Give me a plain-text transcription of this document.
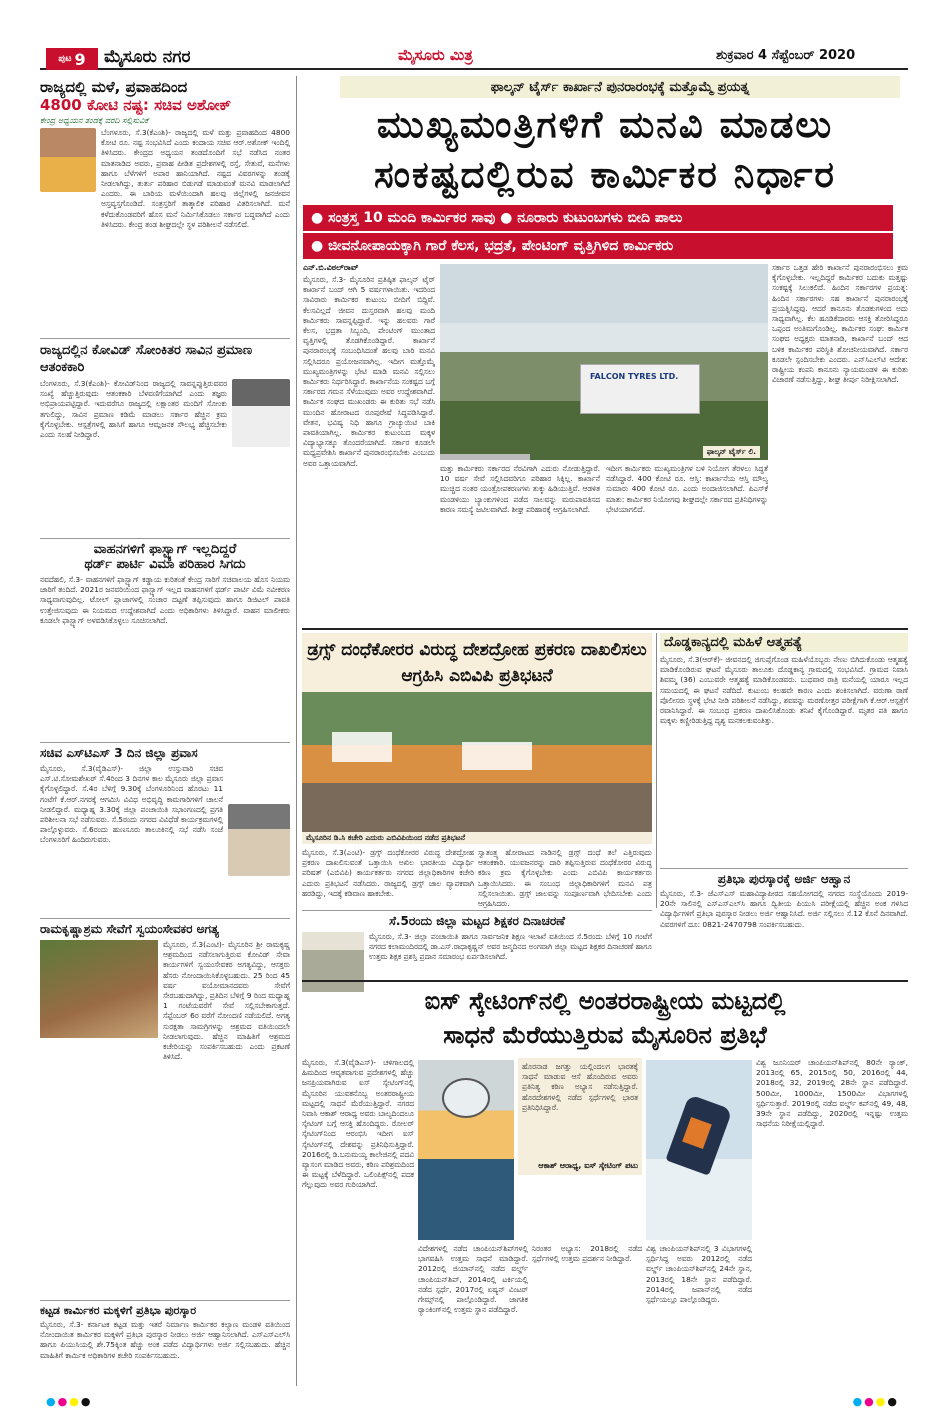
ಪುಟ 9 ಮೈಸೂರು ನಗರ	ಮೈಸೂರು ಮಿತ್ರ	ಶುಕ್ರವಾರ 4 ಸೆಪ್ಟೆಂಬರ್ 2020
ರಾಜ್ಯದಲ್ಲಿ ಮಳೆ, ಪ್ರವಾಹದಿಂದ
4800 ಕೋಟಿ ನಷ್ಟ: ಸಚಿವ ಅಶೋಕ್
ಕೇಂದ್ರ ಅಧ್ಯಯನ ತಂಡಕ್ಕೆ ವರದಿ ಸಲ್ಲಿಸುವಿಕೆ
ಬೆಂಗಳೂರು, ಸೆ.3(ಕೆಎಂಶಿ)- ರಾಜ್ಯದಲ್ಲಿ ಮಳೆ ಮತ್ತು ಪ್ರವಾಹದಿಂದ 4800 ಕೋಟಿ ರೂ. ನಷ್ಟ ಸಂಭವಿಸಿದೆ ಎಂದು ಕಂದಾಯ ಸಚಿವ ಆರ್.ಅಶೋಕ್ ಇಂದಿಲ್ಲಿ ತಿಳಿಸಿದರು. ಕೇಂದ್ರದ ಅಧ್ಯಯನ ತಂಡದೊಂದಿಗೆ ಸಭೆ ನಡೆಸಿದ ನಂತರ ಮಾತನಾಡಿದ ಅವರು, ಪ್ರವಾಹ ಪೀಡಿತ ಪ್ರದೇಶಗಳಲ್ಲಿ ರಸ್ತೆ, ಸೇತುವೆ, ಮನೆಗಳು ಹಾಗೂ ಬೆಳೆಗಳಿಗೆ ಅಪಾರ ಹಾನಿಯಾಗಿದೆ. ನಷ್ಟದ ವಿವರಗಳನ್ನು ತಂಡಕ್ಕೆ ನೀಡಲಾಗಿದ್ದು, ತುರ್ತು ಪರಿಹಾರ ಬಿಡುಗಡೆ ಮಾಡುವಂತೆ ಮನವಿ ಮಾಡಲಾಗಿದೆ ಎಂದರು. ಈ ಬಾರಿಯ ಮಳೆಯಿಂದಾಗಿ ಹಲವು ಜಿಲ್ಲೆಗಳಲ್ಲಿ ಜನಜೀವನ ಅಸ್ತವ್ಯಸ್ತಗೊಂಡಿದೆ. ಸಂತ್ರಸ್ತರಿಗೆ ತಾತ್ಕಾಲಿಕ ಪರಿಹಾರ ವಿತರಿಸಲಾಗಿದೆ. ಮನೆ ಕಳೆದುಕೊಂಡವರಿಗೆ ಹೊಸ ಮನೆ ನಿರ್ಮಿಸಿಕೊಡಲು ಸರ್ಕಾರ ಬದ್ಧವಾಗಿದೆ ಎಂದು ತಿಳಿಸಿದರು. ಕೇಂದ್ರ ತಂಡ ಶೀಘ್ರದಲ್ಲೇ ಸ್ಥಳ ಪರಿಶೀಲನೆ ನಡೆಸಲಿದೆ.
ರಾಜ್ಯದಲ್ಲಿನ ಕೋವಿಡ್ ಸೋಂಕಿತರ ಸಾವಿನ ಪ್ರಮಾಣ ಆತಂಕಕಾರಿ
ಬೆಂಗಳೂರು, ಸೆ.3(ಕೆಎಂಶಿ)- ಕೋವಿಡ್‌ನಿಂದ ರಾಜ್ಯದಲ್ಲಿ ಸಾವನ್ನಪ್ಪುತ್ತಿರುವವರ ಸಂಖ್ಯೆ ಹೆಚ್ಚುತ್ತಿರುವುದು ಆತಂಕಕಾರಿ ಬೆಳವಣಿಗೆಯಾಗಿದೆ ಎಂದು ತಜ್ಞರು ಅಭಿಪ್ರಾಯಪಟ್ಟಿದ್ದಾರೆ. ಇದುವರೆಗೂ ರಾಜ್ಯದಲ್ಲಿ ಲಕ್ಷಾಂತರ ಮಂದಿಗೆ ಸೋಂಕು ತಗುಲಿದ್ದು, ಸಾವಿನ ಪ್ರಮಾಣ ಕಡಿಮೆ ಮಾಡಲು ಸರ್ಕಾರ ಹೆಚ್ಚಿನ ಕ್ರಮ ಕೈಗೊಳ್ಳಬೇಕು. ಆಸ್ಪತ್ರೆಗಳಲ್ಲಿ ಹಾಸಿಗೆ ಹಾಗೂ ಆಮ್ಲಜನಕ ಸೌಲಭ್ಯ ಹೆಚ್ಚಿಸಬೇಕು ಎಂದು ಸಲಹೆ ನೀಡಿದ್ದಾರೆ.
ವಾಹನಗಳಿಗೆ ಫಾಸ್ಟ್ಯಾಗ್ ಇಲ್ಲದಿದ್ದರೆ
ಥರ್ಡ್ ಪಾರ್ಟಿ ವಿಮಾ ಪರಿಹಾರ ಸಿಗದು
ನವದೆಹಲಿ, ಸೆ.3- ವಾಹನಗಳಿಗೆ ಫಾಸ್ಟ್ಯಾಗ್ ಕಡ್ಡಾಯ ಕುರಿತಂತೆ ಕೇಂದ್ರ ಸಾರಿಗೆ ಸಚಿವಾಲಯ ಹೊಸ ನಿಯಮ ಜಾರಿಗೆ ತಂದಿದೆ. 2021ರ ಜನವರಿಯಿಂದ ಫಾಸ್ಟ್ಯಾಗ್ ಇಲ್ಲದ ವಾಹನಗಳಿಗೆ ಥರ್ಡ್ ಪಾರ್ಟಿ ವಿಮೆ ನವೀಕರಣ ಸಾಧ್ಯವಾಗುವುದಿಲ್ಲ. ಟೋಲ್ ಪ್ಲಾಜಾಗಳಲ್ಲಿ ಸಂಚಾರ ದಟ್ಟಣೆ ತಪ್ಪಿಸುವುದು ಹಾಗೂ ಡಿಜಿಟಲ್ ಪಾವತಿ ಉತ್ತೇಜಿಸುವುದು ಈ ನಿಯಮದ ಉದ್ದೇಶವಾಗಿದೆ ಎಂದು ಅಧಿಕಾರಿಗಳು ತಿಳಿಸಿದ್ದಾರೆ. ವಾಹನ ಮಾಲೀಕರು ಕೂಡಲೇ ಫಾಸ್ಟ್ಯಾಗ್ ಅಳವಡಿಸಿಕೊಳ್ಳಲು ಸೂಚಿಸಲಾಗಿದೆ.
ಸಚಿವ ಎಸ್‌ಟಿಎಸ್ 3 ದಿನ ಜಿಲ್ಲಾ ಪ್ರವಾಸ
ಮೈಸೂರು, ಸೆ.3(ವೈಡಿಎಸ್)- ಜಿಲ್ಲಾ ಉಸ್ತುವಾರಿ ಸಚಿವ ಎಸ್.ಟಿ.ಸೋಮಶೇಖರ್ ಸೆ.4ರಿಂದ 3 ದಿನಗಳ ಕಾಲ ಮೈಸೂರು ಜಿಲ್ಲಾ ಪ್ರವಾಸ ಕೈಗೊಳ್ಳಲಿದ್ದಾರೆ. ಸೆ.4ರ ಬೆಳಿಗ್ಗೆ 9.30ಕ್ಕೆ ಬೆಂಗಳೂರಿನಿಂದ ಹೊರಟು 11 ಗಂಟೆಗೆ ಕೆ.ಆರ್.ನಗರಕ್ಕೆ ಆಗಮಿಸಿ ವಿವಿಧ ಅಭಿವೃದ್ಧಿ ಕಾಮಗಾರಿಗಳಿಗೆ ಚಾಲನೆ ನೀಡಲಿದ್ದಾರೆ. ಮಧ್ಯಾಹ್ನ 3.30ಕ್ಕೆ ಜಿಲ್ಲಾ ಪಂಚಾಯಿತಿ ಸಭಾಂಗಣದಲ್ಲಿ ಪ್ರಗತಿ ಪರಿಶೀಲನಾ ಸಭೆ ನಡೆಸುವರು. ಸೆ.5ರಂದು ನಗರದ ವಿವಿಧೆಡೆ ಕಾರ್ಯಕ್ರಮಗಳಲ್ಲಿ ಪಾಲ್ಗೊಳ್ಳುವರು. ಸೆ.6ರಂದು ಹುಣಸೂರು ತಾಲೂಕಿನಲ್ಲಿ ಸಭೆ ನಡೆಸಿ ಸಂಜೆ ಬೆಂಗಳೂರಿಗೆ ಹಿಂದಿರುಗುವರು.
ರಾಮಕೃಷ್ಣಾಶ್ರಮ ಸೇವೆಗೆ ಸ್ವಯಂಸೇವಕರ ಅಗತ್ಯ
ಮೈಸೂರು, ಸೆ.3(ಎಂಟಿ)- ಮೈಸೂರಿನ ಶ್ರೀ ರಾಮಕೃಷ್ಣ ಆಶ್ರಮದಿಂದ ನಡೆಸಲಾಗುತ್ತಿರುವ ಕೋವಿಡ್ ಸೇವಾ ಕಾರ್ಯಗಳಿಗೆ ಸ್ವಯಂಸೇವಕರ ಅಗತ್ಯವಿದ್ದು, ಆಸಕ್ತರು ಹೆಸರು ನೋಂದಾಯಿಸಿಕೊಳ್ಳಬಹುದು. 25 ರಿಂದ 45 ವರ್ಷ ವಯೋಮಾನದವರು ಸೇವೆಗೆ ಸೇರಬಹುದಾಗಿದ್ದು, ಪ್ರತಿದಿನ ಬೆಳಿಗ್ಗೆ 9 ರಿಂದ ಮಧ್ಯಾಹ್ನ 1 ಗಂಟೆಯವರೆಗೆ ಸೇವೆ ಸಲ್ಲಿಸಬೇಕಾಗುತ್ತದೆ. ಸೆಪ್ಟೆಂಬರ್ 6ರ ವರೆಗೆ ನೋಂದಣಿ ನಡೆಯಲಿದೆ. ಅಗತ್ಯ ಸುರಕ್ಷತಾ ಸಾಮಗ್ರಿಗಳನ್ನು ಆಶ್ರಮದ ವತಿಯಿಂದಲೇ ನೀಡಲಾಗುವುದು. ಹೆಚ್ಚಿನ ಮಾಹಿತಿಗೆ ಆಶ್ರಮದ ಕಚೇರಿಯನ್ನು ಸಂಪರ್ಕಿಸಬಹುದು ಎಂದು ಪ್ರಕಟಣೆ ತಿಳಿಸಿದೆ.
ಕಟ್ಟಡ ಕಾರ್ಮಿಕರ ಮಕ್ಕಳಿಗೆ ಪ್ರತಿಭಾ ಪುರಸ್ಕಾರ
ಮೈಸೂರು, ಸೆ.3- ಕರ್ನಾಟಕ ಕಟ್ಟಡ ಮತ್ತು ಇತರೆ ನಿರ್ಮಾಣ ಕಾರ್ಮಿಕರ ಕಲ್ಯಾಣ ಮಂಡಳಿ ವತಿಯಿಂದ ನೋಂದಾಯಿತ ಕಾರ್ಮಿಕರ ಮಕ್ಕಳಿಗೆ ಪ್ರತಿಭಾ ಪುರಸ್ಕಾರ ನೀಡಲು ಅರ್ಜಿ ಆಹ್ವಾನಿಸಲಾಗಿದೆ. ಎಸ್‌ಎಸ್‌ಎಲ್‌ಸಿ ಹಾಗೂ ಪಿಯುಸಿಯಲ್ಲಿ ಶೇ.75ಕ್ಕಿಂತ ಹೆಚ್ಚು ಅಂಕ ಪಡೆದ ವಿದ್ಯಾರ್ಥಿಗಳು ಅರ್ಜಿ ಸಲ್ಲಿಸಬಹುದು. ಹೆಚ್ಚಿನ ಮಾಹಿತಿಗೆ ಕಾರ್ಮಿಕ ಅಧಿಕಾರಿಗಳ ಕಚೇರಿ ಸಂಪರ್ಕಿಸಬಹುದು.
ಫಾಲ್ಕನ್ ಟೈರ್ಸ್ ಕಾರ್ಖಾನೆ ಪುನರಾರಂಭಕ್ಕೆ ಮತ್ತೊಮ್ಮೆ ಪ್ರಯತ್ನ
ಮುಖ್ಯಮಂತ್ರಿಗಳಿಗೆ ಮನವಿ ಮಾಡಲು
ಸಂಕಷ್ಟದಲ್ಲಿರುವ ಕಾರ್ಮಿಕರ ನಿರ್ಧಾರ
● ಸಂತ್ರಸ್ತ 10 ಮಂದಿ ಕಾರ್ಮಿಕರ ಸಾವು ● ನೂರಾರು ಕುಟುಂಬಗಳು ಬೀದಿ ಪಾಲು
● ಜೀವನೋಪಾಯಕ್ಕಾಗಿ ಗಾರೆ ಕೆಲಸ, ಭದ್ರತೆ, ಪೇಂಟಿಂಗ್ ವೃತ್ತಿಗಿಳಿದ ಕಾರ್ಮಿಕರು
ಎನ್.ಬಿ.ವಿಠಲ್‌ರಾವ್
ಮೈಸೂರು, ಸೆ.3- ಮೈಸೂರಿನ ಪ್ರತಿಷ್ಠಿತ ಫಾಲ್ಕನ್ ಟೈರ್ ಕಾರ್ಖಾನೆ ಬಂದ್ ಆಗಿ 5 ವರ್ಷಗಳಾಯಿತು. ಇದರಿಂದ ಸಾವಿರಾರು ಕಾರ್ಮಿಕರ ಕುಟುಂಬ ಬೀದಿಗೆ ಬಿದ್ದಿವೆ. ಕೆಲಸವಿಲ್ಲದೆ ಜೀವನ ದುಸ್ತರವಾಗಿ ಹಲವು ಮಂದಿ ಕಾರ್ಮಿಕರು ಸಾವನ್ನಪ್ಪಿದ್ದಾರೆ. ಇನ್ನು ಹಲವರು ಗಾರೆ ಕೆಲಸ, ಭದ್ರತಾ ಸಿಬ್ಬಂದಿ, ಪೇಂಟಿಂಗ್ ಮುಂತಾದ ವೃತ್ತಿಗಳಲ್ಲಿ ತೊಡಗಿಕೊಂಡಿದ್ದಾರೆ. ಕಾರ್ಖಾನೆ ಪುನರಾರಂಭಕ್ಕೆ ಸಂಬಂಧಿಸಿದಂತೆ ಹಲವು ಬಾರಿ ಮನವಿ ಸಲ್ಲಿಸಿದರೂ ಪ್ರಯೋಜನವಾಗಿಲ್ಲ. ಇದೀಗ ಮತ್ತೊಮ್ಮೆ ಮುಖ್ಯಮಂತ್ರಿಗಳನ್ನು ಭೇಟಿ ಮಾಡಿ ಮನವಿ ಸಲ್ಲಿಸಲು ಕಾರ್ಮಿಕರು ನಿರ್ಧರಿಸಿದ್ದಾರೆ. ಕಾರ್ಖಾನೆಯ ಸಂಕಷ್ಟದ ಬಗ್ಗೆ ಸರ್ಕಾರದ ಗಮನ ಸೆಳೆಯುವುದು ಅವರ ಉದ್ದೇಶವಾಗಿದೆ. ಕಾರ್ಮಿಕ ಸಂಘದ ಮುಖಂಡರು ಈ ಕುರಿತು ಸಭೆ ನಡೆಸಿ ಮುಂದಿನ ಹೋರಾಟದ ರೂಪುರೇಷೆ ಸಿದ್ಧಪಡಿಸಿದ್ದಾರೆ. ವೇತನ, ಭವಿಷ್ಯ ನಿಧಿ ಹಾಗೂ ಗ್ರಾಚ್ಯುಯಿಟಿ ಬಾಕಿ ಪಾವತಿಯಾಗಿಲ್ಲ. ಕಾರ್ಮಿಕರ ಕುಟುಂಬದ ಮಕ್ಕಳ ವಿದ್ಯಾಭ್ಯಾಸಕ್ಕೂ ತೊಂದರೆಯಾಗಿದೆ. ಸರ್ಕಾರ ಕೂಡಲೇ ಮಧ್ಯಪ್ರವೇಶಿಸಿ ಕಾರ್ಖಾನೆ ಪುನರಾರಂಭಿಸಬೇಕು ಎಂಬುದು ಅವರ ಒತ್ತಾಯವಾಗಿದೆ.
FALCON TYRES LTD.
ಫಾಲ್ಕನ್ ಟೈರ್ಸ್ ಲಿ.
ಸರ್ಕಾರ ಒತ್ತಡ ಹೇರಿ ಕಾರ್ಖಾನೆ ಪುನರಾರಂಭಿಸಲು ಕ್ರಮ ಕೈಗೊಳ್ಳಬೇಕು. ಇಲ್ಲದಿದ್ದರೆ ಕಾರ್ಮಿಕರ ಬದುಕು ಮತ್ತಷ್ಟು ಸಂಕಷ್ಟಕ್ಕೆ ಸಿಲುಕಲಿದೆ. ಹಿಂದಿನ ಸರ್ಕಾರಗಳ ಪ್ರಯತ್ನ: ಹಿಂದಿನ ಸರ್ಕಾರಗಳು ಸಹ ಕಾರ್ಖಾನೆ ಪುನರಾರಂಭಕ್ಕೆ ಪ್ರಯತ್ನಿಸಿದ್ದವು. ಆದರೆ ಕಾನೂನು ತೊಡಕುಗಳಿಂದ ಅದು ಸಾಧ್ಯವಾಗಿಲ್ಲ. ಕೆಲ ಹೂಡಿಕೆದಾರರು ಆಸಕ್ತಿ ತೋರಿಸಿದ್ದರೂ ಒಪ್ಪಂದ ಅಂತಿಮಗೊಂಡಿಲ್ಲ. ಕಾರ್ಮಿಕರ ಸಂಘ: ಕಾರ್ಮಿಕ ಸಂಘದ ಅಧ್ಯಕ್ಷರು ಮಾತನಾಡಿ, ಕಾರ್ಖಾನೆ ಬಂದ್ ಆದ ಬಳಿಕ ಕಾರ್ಮಿಕರ ಪರಿಸ್ಥಿತಿ ಶೋಚನೀಯವಾಗಿದೆ. ಸರ್ಕಾರ ಕೂಡಲೇ ಸ್ಪಂದಿಸಬೇಕು ಎಂದರು. ಎನ್‌ಸಿಎಲ್‌ಟಿ ಆದೇಶ: ರಾಷ್ಟ್ರೀಯ ಕಂಪನಿ ಕಾನೂನು ನ್ಯಾಯಮಂಡಳಿ ಈ ಕುರಿತು ವಿಚಾರಣೆ ನಡೆಸುತ್ತಿದ್ದು, ಶೀಘ್ರ ತೀರ್ಪು ನಿರೀಕ್ಷಿಸಲಾಗಿದೆ.
ಮತ್ತು ಕಾರ್ಮಿಕರು ಸರ್ಕಾರದ ನೆರವಿಗಾಗಿ ಎದುರು ನೋಡುತ್ತಿದ್ದಾರೆ. 10 ವರ್ಷ ಸೇವೆ ಸಲ್ಲಿಸಿದವರಿಗೂ ಪರಿಹಾರ ಸಿಕ್ಕಿಲ್ಲ. ಕಾರ್ಖಾನೆ ಮುಚ್ಚಿದ ನಂತರ ಯಂತ್ರೋಪಕರಣಗಳು ತುಕ್ಕು ಹಿಡಿಯುತ್ತಿವೆ. ಆಡಳಿತ ಮಂಡಳಿಯು ಬ್ಯಾಂಕುಗಳಿಂದ ಪಡೆದ ಸಾಲವನ್ನು ಮರುಪಾವತಿಸದ ಕಾರಣ ಸಮಸ್ಯೆ ಜಟಿಲವಾಗಿದೆ. ಶೀಘ್ರ ಪರಿಹಾರಕ್ಕೆ ಆಗ್ರಹಿಸಲಾಗಿದೆ.
ಇದೀಗ ಕಾರ್ಮಿಕರು ಮುಖ್ಯಮಂತ್ರಿಗಳ ಬಳಿ ನಿಯೋಗ ತೆರಳಲು ಸಿದ್ಧತೆ ನಡೆಸಿದ್ದಾರೆ. 400 ಕೋಟಿ ರೂ. ಆಸ್ತಿ: ಕಾರ್ಖಾನೆಯ ಆಸ್ತಿ ಮೌಲ್ಯ ಸುಮಾರು 400 ಕೋಟಿ ರೂ. ಎಂದು ಅಂದಾಜಿಸಲಾಗಿದೆ. ಪಿಎಸ್‌ಕೆ ಮಾತು: ಕಾರ್ಮಿಕರ ನಿಯೋಗವು ಶೀಘ್ರದಲ್ಲೇ ಸರ್ಕಾರದ ಪ್ರತಿನಿಧಿಗಳನ್ನು ಭೇಟಿಯಾಗಲಿದೆ.
ಡ್ರಗ್ಸ್ ದಂಧೆಕೋರರ ವಿರುದ್ಧ ದೇಶದ್ರೋಹ ಪ್ರಕರಣ ದಾಖಲಿಸಲು ಆಗ್ರಹಿಸಿ ಎಬಿವಿಪಿ ಪ್ರತಿಭಟನೆ
ಮೈಸೂರಿನ ಡಿ.ಸಿ ಕಚೇರಿ ಎದುರು ಎಬಿವಿಪಿಯಿಂದ ನಡೆದ ಪ್ರತಿಭಟನೆ
ಮೈಸೂರು, ಸೆ.3(ಎಂಟಿ)- ಡ್ರಗ್ಸ್ ದಂಧೆಕೋರರ ವಿರುದ್ಧ ದೇಶದ್ರೋಹ ಪ್ರಕರಣ ದಾಖಲಿಸುವಂತೆ ಒತ್ತಾಯಿಸಿ ಅಖಿಲ ಭಾರತೀಯ ವಿದ್ಯಾರ್ಥಿ ಪರಿಷತ್ (ಎಬಿವಿಪಿ) ಕಾರ್ಯಕರ್ತರು ನಗರದ ಜಿಲ್ಲಾಧಿಕಾರಿಗಳ ಕಚೇರಿ ಎದುರು ಪ್ರತಿಭಟನೆ ನಡೆಸಿದರು. ರಾಜ್ಯದಲ್ಲಿ ಡ್ರಗ್ಸ್ ಜಾಲ ವ್ಯಾಪಕವಾಗಿ ಹರಡಿದ್ದು, ಇದಕ್ಕೆ ಕಡಿವಾಣ ಹಾಕಬೇಕು.
ಸ್ವಾತಂತ್ರ್ಯ ಹೋರಾಟದ ನಾಡಿನಲ್ಲಿ ಡ್ರಗ್ಸ್ ದಂಧೆ ತಲೆ ಎತ್ತಿರುವುದು ಆತಂಕಕಾರಿ. ಯುವಜನರನ್ನು ದಾರಿ ತಪ್ಪಿಸುತ್ತಿರುವ ದಂಧೆಕೋರರ ವಿರುದ್ಧ ಕಠಿಣ ಕ್ರಮ ಕೈಗೊಳ್ಳಬೇಕು ಎಂದು ಎಬಿವಿಪಿ ಕಾರ್ಯಕರ್ತರು ಒತ್ತಾಯಿಸಿದರು. ಈ ಸಂಬಂಧ ಜಿಲ್ಲಾಧಿಕಾರಿಗಳಿಗೆ ಮನವಿ ಪತ್ರ ಸಲ್ಲಿಸಲಾಯಿತು. ಡ್ರಗ್ಸ್ ಜಾಲವನ್ನು ಸಂಪೂರ್ಣವಾಗಿ ಭೇದಿಸಬೇಕು ಎಂದು ಆಗ್ರಹಿಸಿದರು.
ಸೆ.5ರಂದು ಜಿಲ್ಲಾ ಮಟ್ಟದ ಶಿಕ್ಷಕರ ದಿನಾಚರಣೆ
ಮೈಸೂರು, ಸೆ.3- ಜಿಲ್ಲಾ ಪಂಚಾಯಿತಿ ಹಾಗೂ ಸಾರ್ವಜನಿಕ ಶಿಕ್ಷಣ ಇಲಾಖೆ ವತಿಯಿಂದ ಸೆ.5ರಂದು ಬೆಳಿಗ್ಗೆ 10 ಗಂಟೆಗೆ ನಗರದ ಕಲಾಮಂದಿರದಲ್ಲಿ ಡಾ.ಎಸ್.ರಾಧಾಕೃಷ್ಣನ್ ಅವರ ಜನ್ಮದಿನದ ಅಂಗವಾಗಿ ಜಿಲ್ಲಾ ಮಟ್ಟದ ಶಿಕ್ಷಕರ ದಿನಾಚರಣೆ ಹಾಗೂ ಉತ್ತಮ ಶಿಕ್ಷಕ ಪ್ರಶಸ್ತಿ ಪ್ರದಾನ ಸಮಾರಂಭ ಏರ್ಪಡಿಸಲಾಗಿದೆ.
ದೊಡ್ಡಕಾನ್ಯದಲ್ಲಿ ಮಹಿಳೆ ಆತ್ಮಹತ್ಯೆ
ಮೈಸೂರು, ಸೆ.3(ಆರ್‌ಕೆ)- ಜೀವನದಲ್ಲಿ ಜಿಗುಪ್ಸೆಗೊಂಡ ಮಹಿಳೆಯೊಬ್ಬರು ನೇಣು ಬಿಗಿದುಕೊಂಡು ಆತ್ಮಹತ್ಯೆ ಮಾಡಿಕೊಂಡಿರುವ ಘಟನೆ ಮೈಸೂರು ತಾಲೂಕು ದೊಡ್ಡಕಾನ್ಯ ಗ್ರಾಮದಲ್ಲಿ ಸಂಭವಿಸಿದೆ. ಗ್ರಾಮದ ನಿವಾಸಿ ಶಿವಮ್ಮ (36) ಎಂಬುವರೇ ಆತ್ಮಹತ್ಯೆ ಮಾಡಿಕೊಂಡವರು. ಬುಧವಾರ ರಾತ್ರಿ ಮನೆಯಲ್ಲಿ ಯಾರೂ ಇಲ್ಲದ ಸಮಯದಲ್ಲಿ ಈ ಘಟನೆ ನಡೆದಿದೆ. ಕುಟುಂಬ ಕಲಹವೇ ಕಾರಣ ಎಂದು ಶಂಕಿಸಲಾಗಿದೆ. ವರುಣಾ ಠಾಣೆ ಪೊಲೀಸರು ಸ್ಥಳಕ್ಕೆ ಭೇಟಿ ನೀಡಿ ಪರಿಶೀಲನೆ ನಡೆಸಿದ್ದು, ಶವವನ್ನು ಮರಣೋತ್ತರ ಪರೀಕ್ಷೆಗಾಗಿ ಕೆ.ಆರ್.ಆಸ್ಪತ್ರೆಗೆ ರವಾನಿಸಿದ್ದಾರೆ. ಈ ಸಂಬಂಧ ಪ್ರಕರಣ ದಾಖಲಿಸಿಕೊಂಡು ತನಿಖೆ ಕೈಗೊಂಡಿದ್ದಾರೆ. ಮೃತರ ಪತಿ ಹಾಗೂ ಮಕ್ಕಳು ಕಣ್ಣೀರಿಡುತ್ತಿದ್ದ ದೃಶ್ಯ ಮನಕಲಕುವಂತಿತ್ತು.
ಪ್ರತಿಭಾ ಪುರಸ್ಕಾರಕ್ಕೆ ಅರ್ಜಿ ಆಹ್ವಾನ
ಮೈಸೂರು, ಸೆ.3- ಜೆಎಸ್‌ಎಸ್ ಮಹಾವಿದ್ಯಾಪೀಠದ ಸಹಯೋಗದಲ್ಲಿ ನಗರದ ಸಂಸ್ಥೆಯೊಂದು 2019-20ನೇ ಸಾಲಿನಲ್ಲಿ ಎಸ್‌ಎಸ್‌ಎಲ್‌ಸಿ ಹಾಗೂ ದ್ವಿತೀಯ ಪಿಯುಸಿ ಪರೀಕ್ಷೆಯಲ್ಲಿ ಹೆಚ್ಚಿನ ಅಂಕ ಗಳಿಸಿದ ವಿದ್ಯಾರ್ಥಿಗಳಿಗೆ ಪ್ರತಿಭಾ ಪುರಸ್ಕಾರ ನೀಡಲು ಅರ್ಜಿ ಆಹ್ವಾನಿಸಿದೆ. ಅರ್ಜಿ ಸಲ್ಲಿಸಲು ಸೆ.12 ಕೊನೆ ದಿನವಾಗಿದೆ. ವಿವರಗಳಿಗೆ ದೂ: 0821-2470798 ಸಂಪರ್ಕಿಸಬಹುದು.
ಐಸ್ ಸ್ಕೇಟಿಂಗ್‌ನಲ್ಲಿ ಅಂತರರಾಷ್ಟ್ರೀಯ ಮಟ್ಟದಲ್ಲಿ
ಸಾಧನೆ ಮೆರೆಯುತ್ತಿರುವ ಮೈಸೂರಿನ ಪ್ರತಿಭೆ
ಮೈಸೂರು, ಸೆ.3(ವೈಡಿಎಸ್)- ಚಳಿಗಾಲದಲ್ಲಿ ಹಿಮದಿಂದ ಆವೃತವಾಗುವ ಪ್ರದೇಶಗಳಲ್ಲಿ ಹೆಚ್ಚು ಜನಪ್ರಿಯವಾಗಿರುವ ಐಸ್ ಸ್ಕೇಟಿಂಗ್‌ನಲ್ಲಿ ಮೈಸೂರಿನ ಯುವಕನೊಬ್ಬ ಅಂತರರಾಷ್ಟ್ರೀಯ ಮಟ್ಟದಲ್ಲಿ ಸಾಧನೆ ಮೆರೆಯುತ್ತಿದ್ದಾರೆ. ನಗರದ ನಿವಾಸಿ ಆಕಾಶ್ ಆರಾಧ್ಯ ಅವರು ಬಾಲ್ಯದಿಂದಲೂ ಸ್ಕೇಟಿಂಗ್ ಬಗ್ಗೆ ಆಸಕ್ತಿ ಹೊಂದಿದ್ದರು. ರೋಲರ್ ಸ್ಕೇಟಿಂಗ್‌ನಿಂದ ಆರಂಭಿಸಿ ಇದೀಗ ಐಸ್ ಸ್ಕೇಟಿಂಗ್‌ನಲ್ಲಿ ದೇಶವನ್ನು ಪ್ರತಿನಿಧಿಸುತ್ತಿದ್ದಾರೆ. 2016ರಲ್ಲಿ ಡಿ.ಬನುಮಯ್ಯ ಕಾಲೇಜಿನಲ್ಲಿ ಪದವಿ ವ್ಯಾಸಂಗ ಮಾಡಿದ ಅವರು, ಕಠಿಣ ಪರಿಶ್ರಮದಿಂದ ಈ ಮಟ್ಟಕ್ಕೆ ಬೆಳೆದಿದ್ದಾರೆ. ಒಲಿಂಪಿಕ್ಸ್‌ನಲ್ಲಿ ಪದಕ ಗೆಲ್ಲುವುದು ಅವರ ಗುರಿಯಾಗಿದೆ.
ಹೊರನಾಡ ಜಗತ್ತು ಯಲ್ಲಿಂದಲಗ ಭಾರತಕ್ಕೆ ಸಾಧನೆ ಮಾಡುವ ಆಸೆ ಹೊಂದಿರುವ ಅವರು ಪ್ರತಿನಿತ್ಯ ಕಠಿಣ ಅಭ್ಯಾಸ ನಡೆಸುತ್ತಿದ್ದಾರೆ. ಹೊರದೇಶಗಳಲ್ಲಿ ನಡೆದ ಸ್ಪರ್ಧೆಗಳಲ್ಲಿ ಭಾರತ ಪ್ರತಿನಿಧಿಸಿದ್ದಾರೆ.
ಆಕಾಶ್ ಆರಾಧ್ಯ, ಐಸ್ ಸ್ಕೇಟಿಂಗ್ ಪಟು
ವಿಶ್ವ ಜೂನಿಯರ್ ಚಾಂಪಿಯನ್‌ಶಿಪ್‌ನಲ್ಲಿ 80ನೇ ರ‍್ಯಾಂಕ್, 2013ರಲ್ಲಿ 65, 2015ರಲ್ಲಿ 50, 2016ರಲ್ಲಿ 44, 2018ರಲ್ಲಿ 32, 2019ರಲ್ಲಿ 28ನೇ ಸ್ಥಾನ ಪಡೆದಿದ್ದಾರೆ. 500ಮೀ, 1000ಮೀ, 1500ಮೀ ವಿಭಾಗಗಳಲ್ಲಿ ಸ್ಪರ್ಧಿಸುತ್ತಾರೆ. 2019ರಲ್ಲಿ ನಡೆದ ವರ್ಲ್ಡ್ ಕಪ್‌ನಲ್ಲಿ 49, 48, 39ನೇ ಸ್ಥಾನ ಪಡೆದಿದ್ದು, 2020ರಲ್ಲಿ ಇನ್ನಷ್ಟು ಉತ್ತಮ ಸಾಧನೆಯ ನಿರೀಕ್ಷೆಯಲ್ಲಿದ್ದಾರೆ.
ವಿದೇಶಗಳಲ್ಲಿ ನಡೆದ ಚಾಂಪಿಯನ್‌ಶಿಪ್‌ಗಳಲ್ಲಿ ಭಾಗವಹಿಸಿ ಉತ್ತಮ ಸಾಧನೆ ಮಾಡಿದ್ದಾರೆ. 2012ರಲ್ಲಿ ಜಿಯಾನ್‌ನಲ್ಲಿ ನಡೆದ ವರ್ಲ್ಡ್ ಚಾಂಪಿಯನ್‌ಶಿಪ್, 2014ರಲ್ಲಿ ಟರ್ಕಿಯಲ್ಲಿ ನಡೆದ ಸ್ಪರ್ಧೆ, 2017ರಲ್ಲಿ ಏಷ್ಯನ್ ವಿಂಟರ್ ಗೇಮ್ಸ್‌ನಲ್ಲಿ ಪಾಲ್ಗೊಂಡಿದ್ದಾರೆ. ಜಾಗತಿಕ ರ‍್ಯಾಂಕಿಂಗ್‌ನಲ್ಲಿ ಉತ್ತಮ ಸ್ಥಾನ ಪಡೆದಿದ್ದಾರೆ.
ನಿರಂತರ ಅಭ್ಯಾಸ: 2018ರಲ್ಲಿ ನಡೆದ ಸ್ಪರ್ಧೆಗಳಲ್ಲಿ ಉತ್ತಮ ಪ್ರದರ್ಶನ ನೀಡಿದ್ದಾರೆ.
ವಿಶ್ವ ಚಾಂಪಿಯನ್‌ಶಿಪ್‌ನಲ್ಲಿ 3 ವಿಭಾಗಗಳಲ್ಲಿ ಸ್ಪರ್ಧಿಸಿದ್ದ ಅವರು 2012ರಲ್ಲಿ ನಡೆದ ವರ್ಲ್ಡ್ ಚಾಂಪಿಯನ್‌ಶಿಪ್‌ನಲ್ಲಿ 24ನೇ ಸ್ಥಾನ, 2013ರಲ್ಲಿ 18ನೇ ಸ್ಥಾನ ಪಡೆದಿದ್ದಾರೆ. 2014ರಲ್ಲಿ ಜಪಾನ್‌ನಲ್ಲಿ ನಡೆದ ಸ್ಪರ್ಧೆಯಲ್ಲೂ ಪಾಲ್ಗೊಂಡಿದ್ದರು.
●●●●	●●●●
